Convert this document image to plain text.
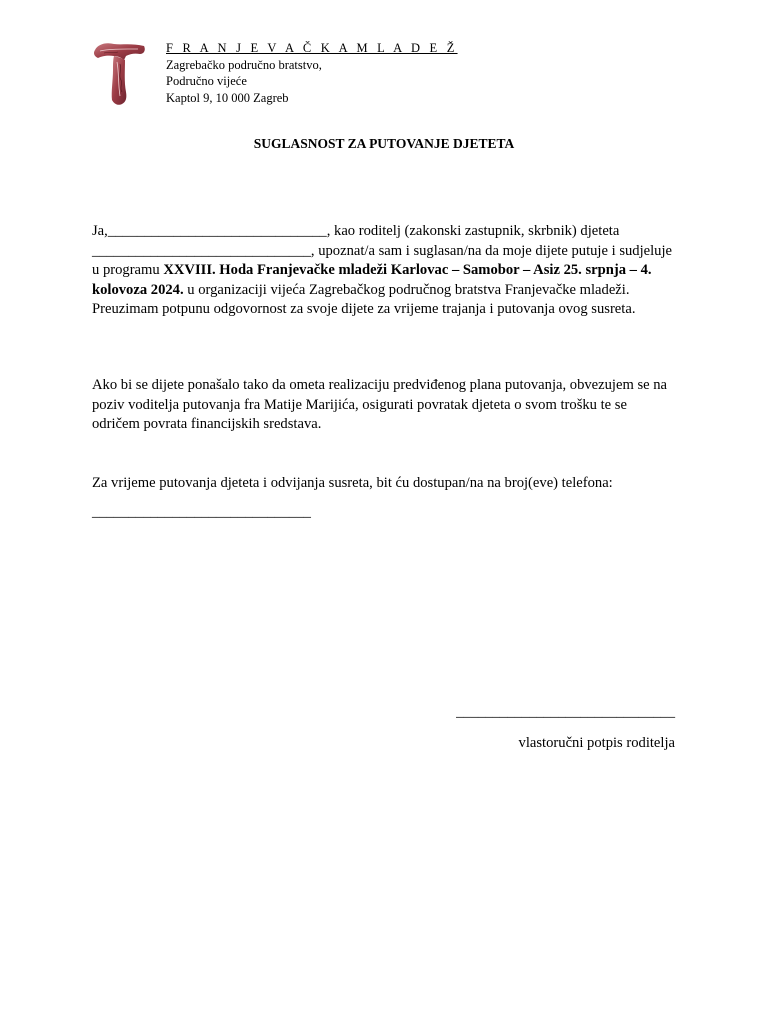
F R A N J E V A Č K A M L A D E Ž
Zagrebačko područno bratstvo,
Područno vijeće
Kaptol 9, 10 000 Zagreb
SUGLASNOST ZA PUTOVANJE DJETETA
Ja,______________________________, kao roditelj (zakonski zastupnik, skrbnik) djeteta ______________________________, upoznat/a sam i suglasan/na da moje dijete putuje i sudjeluje u programu XXVIII. Hoda Franjevačke mladeži Karlovac – Samobor – Asiz 25. srpnja – 4. kolovoza 2024. u organizaciji vijeća Zagrebačkog područnog bratstva Franjevačke mladeži. Preuzimam potpunu odgovornost za svoje dijete za vrijeme trajanja i putovanja ovog susreta.
Ako bi se dijete ponašalo tako da ometa realizaciju predviđenog plana putovanja, obvezujem se na poziv voditelja putovanja fra Matije Marijića, osigurati povratak djeteta o svom trošku te se odričem povrata financijskih sredstava.
Za vrijeme putovanja djeteta i odvijanja susreta, bit ću dostupan/na na broj(eve) telefona:
______________________________
______________________________
vlastoručni potpis roditelja
